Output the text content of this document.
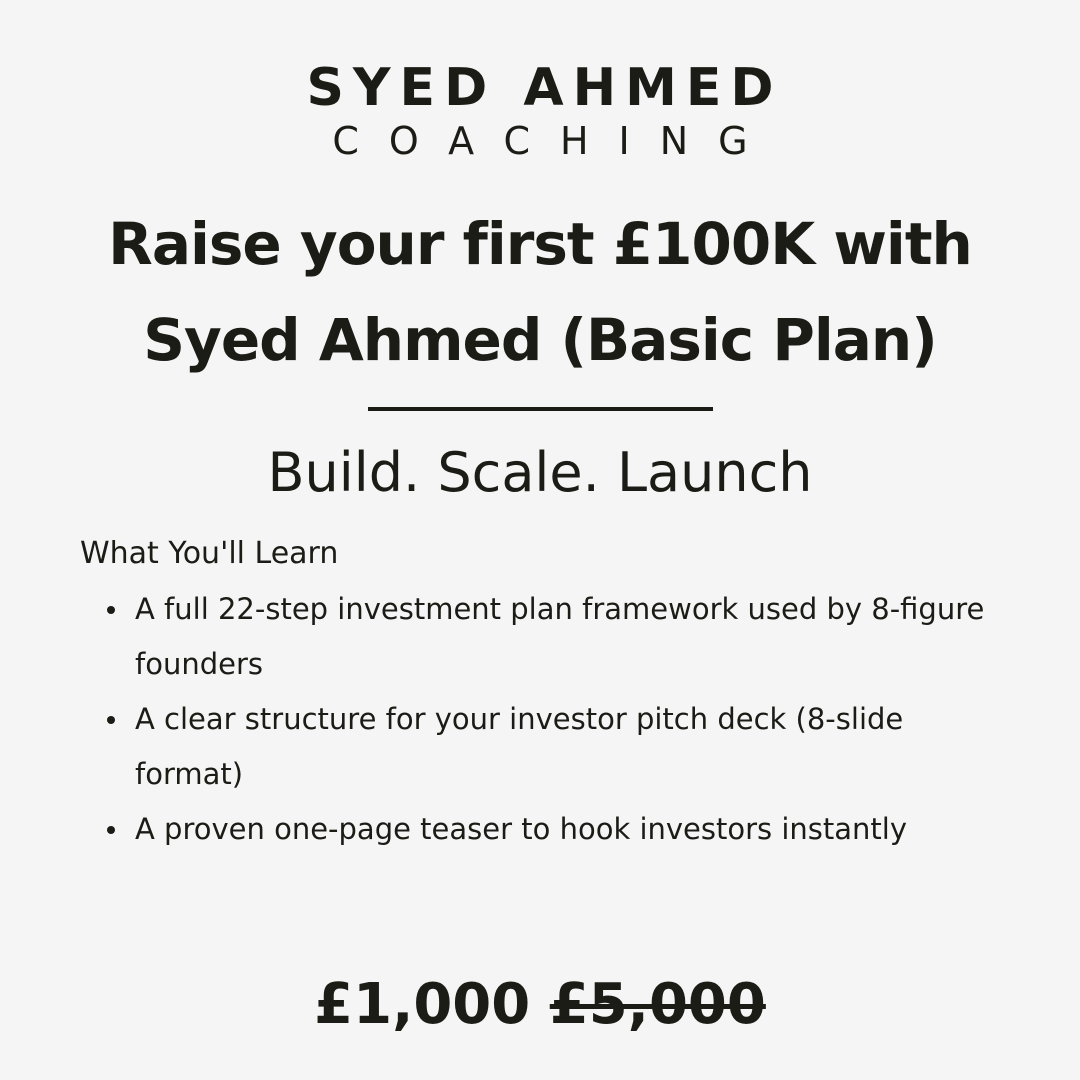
SYED AHMED
COACHING
Raise your first £100K with
Syed Ahmed (Basic Plan)
Build. Scale. Launch
What You'll Learn
A full 22-step investment plan framework used by 8-figure founders
A clear structure for your investor pitch deck (8-slide format)
A proven one-page teaser to hook investors instantly
£1,000 £5,000
